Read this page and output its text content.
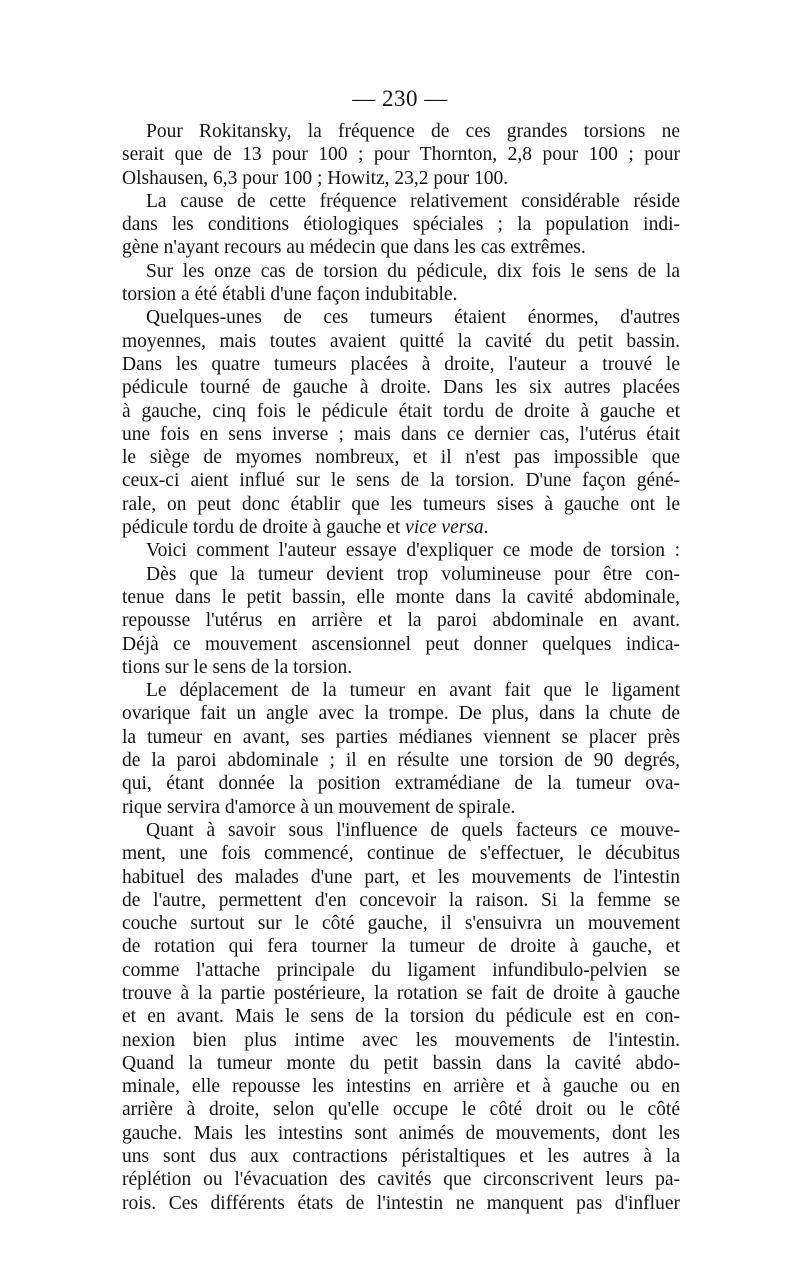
— 230 —
Pour Rokitansky, la fréquence de ces grandes torsions ne
serait que de 13 pour 100 ; pour Thornton, 2,8 pour 100 ; pour
Olshausen, 6,3 pour 100 ; Howitz, 23,2 pour 100.
La cause de cette fréquence relativement considérable réside
dans les conditions étiologiques spéciales ; la population indi-
gène n'ayant recours au médecin que dans les cas extrêmes.
Sur les onze cas de torsion du pédicule, dix fois le sens de la
torsion a été établi d'une façon indubitable.
Quelques-unes de ces tumeurs étaient énormes, d'autres
moyennes, mais toutes avaient quitté la cavité du petit bassin.
Dans les quatre tumeurs placées à droite, l'auteur a trouvé le
pédicule tourné de gauche à droite. Dans les six autres placées
à gauche, cinq fois le pédicule était tordu de droite à gauche et
une fois en sens inverse ; mais dans ce dernier cas, l'utérus était
le siège de myomes nombreux, et il n'est pas impossible que
ceux-ci aient influé sur le sens de la torsion. D'une façon géné-
rale, on peut donc établir que les tumeurs sises à gauche ont le
pédicule tordu de droite à gauche et vice versa.
Voici comment l'auteur essaye d'expliquer ce mode de torsion :
Dès que la tumeur devient trop volumineuse pour être con-
tenue dans le petit bassin, elle monte dans la cavité abdominale,
repousse l'utérus en arrière et la paroi abdominale en avant.
Déjà ce mouvement ascensionnel peut donner quelques indica-
tions sur le sens de la torsion.
Le déplacement de la tumeur en avant fait que le ligament
ovarique fait un angle avec la trompe. De plus, dans la chute de
la tumeur en avant, ses parties médianes viennent se placer près
de la paroi abdominale ; il en résulte une torsion de 90 degrés,
qui, étant donnée la position extramédiane de la tumeur ova-
rique servira d'amorce à un mouvement de spirale.
Quant à savoir sous l'influence de quels facteurs ce mouve-
ment, une fois commencé, continue de s'effectuer, le décubitus
habituel des malades d'une part, et les mouvements de l'intestin
de l'autre, permettent d'en concevoir la raison. Si la femme se
couche surtout sur le côté gauche, il s'ensuivra un mouvement
de rotation qui fera tourner la tumeur de droite à gauche, et
comme l'attache principale du ligament infundibulo-pelvien se
trouve à la partie postérieure, la rotation se fait de droite à gauche
et en avant. Mais le sens de la torsion du pédicule est en con-
nexion bien plus intime avec les mouvements de l'intestin.
Quand la tumeur monte du petit bassin dans la cavité abdo-
minale, elle repousse les intestins en arrière et à gauche ou en
arrière à droite, selon qu'elle occupe le côté droit ou le côté
gauche. Mais les intestins sont animés de mouvements, dont les
uns sont dus aux contractions péristaltiques et les autres à la
réplétion ou l'évacuation des cavités que circonscrivent leurs pa-
rois. Ces différents états de l'intestin ne manquent pas d'influer
